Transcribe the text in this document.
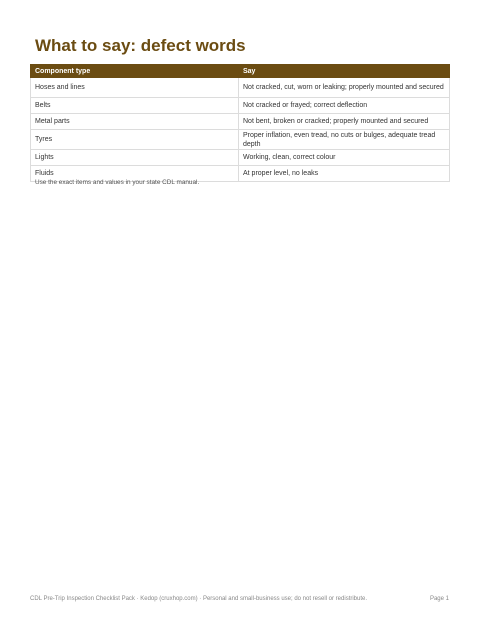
What to say: defect words
Component type	Say
Hoses and lines	Not cracked, cut, worn or leaking; properly mounted and secured
Belts	Not cracked or frayed; correct deflection
Metal parts	Not bent, broken or cracked; properly mounted and secured
Tyres	Proper inflation, even tread, no cuts or bulges, adequate tread depth
Lights	Working, clean, correct colour
Fluids	At proper level, no leaks
Use the exact items and values in your state CDL manual.
CDL Pre-Trip Inspection Checklist Pack · Kedop (cruxhop.com) · Personal and small-business use; do not resell or redistribute.	Page 1
